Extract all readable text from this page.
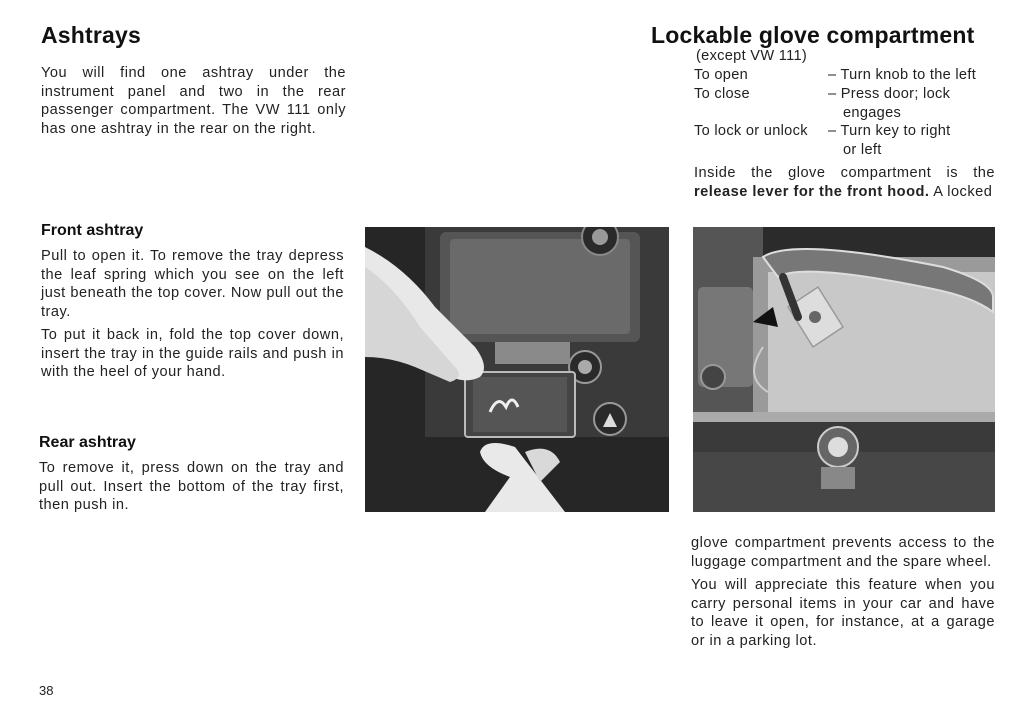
Ashtrays
You will find one ashtray under the instrument panel and two in the rear passenger compartment. The VW 111 only has one ashtray in the rear on the right.
Front ashtray
Pull to open it. To remove the tray depress the leaf spring which you see on the left just beneath the top cover. Now pull out the tray.
To put it back in, fold the top cover down, insert the tray in the guide rails and push in with the heel of your hand.
Rear ashtray
To remove it, press down on the tray and pull out. Insert the bottom of the tray first, then push in.
38
Lockable glove compartment
(except VW 111)
To open	– Turn knob to the left
To close	– Press door; lock
engages
To lock or unlock – Turn key to right
or left
Inside the glove compartment is the release lever for the front hood. A locked
glove compartment prevents access to the luggage compartment and the spare wheel.
You will appreciate this feature when you carry personal items in your car and have to leave it open, for instance, at a garage or in a parking lot.
